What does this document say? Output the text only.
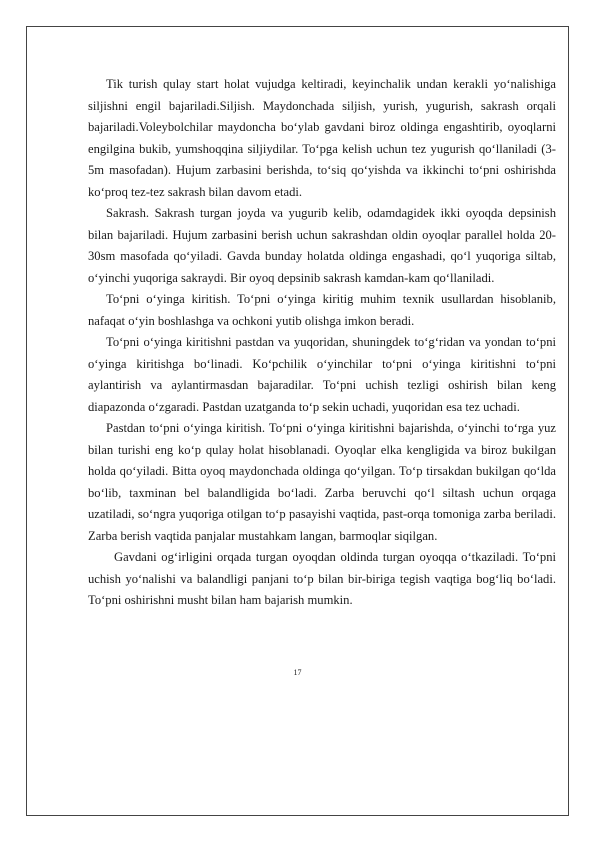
Tik turish qulay start holat vujudga keltiradi, keyinchalik undan kerakli yo‘nalishiga siljishni engil bajariladi.Siljish. Maydonchada siljish, yurish, yugurish, sakrash orqali bajariladi.Voleybolchilar maydoncha bo‘ylab gavdani biroz oldinga engashtirib, oyoqlarni engilgina bukib, yumshoqqina siljiydilar. To‘pga kelish uchun tez yugurish qo‘llaniladi (3-5m masofadan). Hujum zarbasini berishda, to‘siq qo‘yishda va ikkinchi to‘pni oshirishda ko‘proq tez-tez sakrash bilan davom etadi.

Sakrash. Sakrash turgan joyda va yugurib kelib, odamdagidek ikki oyoqda depsinish bilan bajariladi. Hujum zarbasini berish uchun sakrashdan oldin oyoqlar parallel holda 20-30sm masofada qo‘yiladi. Gavda bunday holatda oldinga engashadi, qo‘l yuqoriga siltab, o‘yinchi yuqoriga sakraydi. Bir oyoq depsinib sakrash kamdan-kam qo‘llaniladi.

To‘pni o‘yinga kiritish. To‘pni o‘yinga kiritig muhim texnik usullardan hisoblanib, nafaqat o‘yin boshlashga va ochkoni yutib olishga imkon beradi.

To‘pni o‘yinga kiritishni pastdan va yuqoridan, shuningdek to‘g‘ridan va yondan to‘pni o‘yinga kiritishga bo‘linadi. Ko‘pchilik o‘yinchilar to‘pni o‘yinga kiritishni to‘pni aylantirish va aylantirmasdan bajaradilar. To‘pni uchish tezligi oshirish bilan keng diapazonda o‘zgaradi. Pastdan uzatganda to‘p sekin uchadi, yuqoridan esa tez uchadi.

Pastdan to‘pni o‘yinga kiritish. To‘pni o‘yinga kiritishni bajarishda, o‘yinchi to‘rga yuz bilan turishi eng ko‘p qulay holat hisoblanadi. Oyoqlar elka kengligida va biroz bukilgan holda qo‘yiladi. Bitta oyoq maydonchada oldinga qo‘yilgan. To‘p tirsakdan bukilgan qo‘lda bo‘lib, taxminan bel balandligida bo‘ladi. Zarba beruvchi qo‘l siltash uchun orqaga uzatiladi, so‘ngra yuqoriga otilgan to‘p pasayishi vaqtida, past-orqa tomoniga zarba beriladi. Zarba berish vaqtida panjalar mustahkam langan, barmoqlar siqilgan.

Gavdani og‘irligini orqada turgan oyoqdan oldinda turgan oyoqqa o‘tkaziladi. To‘pni uchish yo‘nalishi va balandligi panjani to‘p bilan bir-biriga tegish vaqtiga bog‘liq bo‘ladi. To‘pni oshirishni musht bilan ham bajarish mumkin.

17
